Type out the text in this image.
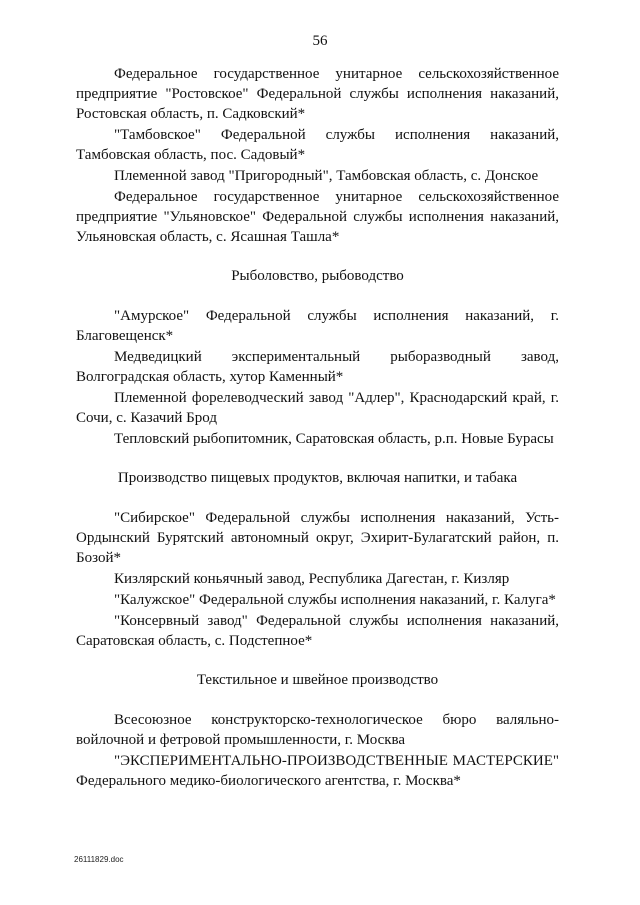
56

Федеральное государственное унитарное сельскохозяйственное предприятие "Ростовское" Федеральной службы исполнения наказаний, Ростовская область, п. Садковский*

"Тамбовское" Федеральной службы исполнения наказаний, Тамбовская область, пос. Садовый*

Племенной завод "Пригородный", Тамбовская область, с. Донское

Федеральное государственное унитарное сельскохозяйственное предприятие "Ульяновское" Федеральной службы исполнения наказаний, Ульяновская область, с. Ясашная Ташла*

Рыболовство, рыбоводство

"Амурское" Федеральной службы исполнения наказаний, г. Благовещенск*

Медведицкий экспериментальный рыборазводный завод, Волгоградская область, хутор Каменный*

Племенной форелеводческий завод "Адлер", Краснодарский край, г. Сочи, с. Казачий Брод

Тепловский рыбопитомник, Саратовская область, р.п. Новые Бурасы

Производство пищевых продуктов, включая напитки, и табака

"Сибирское" Федеральной службы исполнения наказаний, Усть-Ордынский Бурятский автономный округ, Эхирит-Булагатский район, п. Бозой*

Кизлярский коньячный завод, Республика Дагестан, г. Кизляр

"Калужское" Федеральной службы исполнения наказаний, г. Калуга*

"Консервный завод" Федеральной службы исполнения наказаний, Саратовская область, с. Подстепное*

Текстильное и швейное производство

Всесоюзное конструкторско-технологическое бюро валяльно-войлочной и фетровой промышленности, г. Москва

"ЭКСПЕРИМЕНТАЛЬНО-ПРОИЗВОДСТВЕННЫЕ МАСТЕРСКИЕ" Федерального медико-биологического агентства, г. Москва*

26111829.doc
